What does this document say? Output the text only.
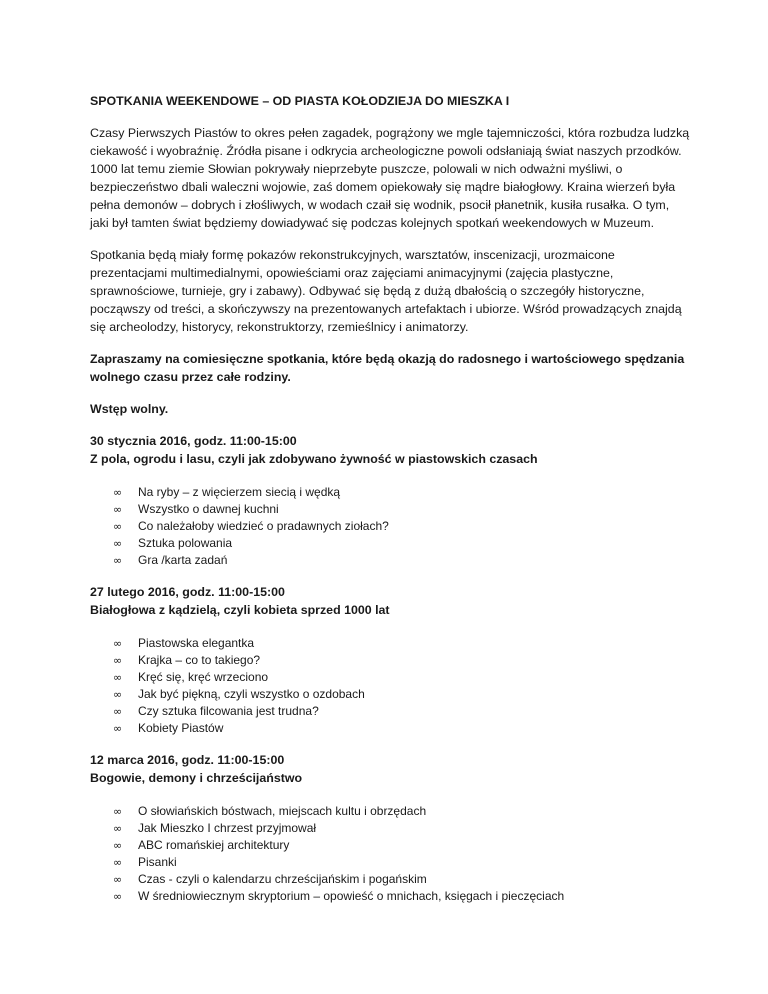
SPOTKANIA WEEKENDOWE – OD PIASTA KOŁODZIEJA DO MIESZKA I

Czasy Pierwszych Piastów to okres pełen zagadek, pogrążony we mgle tajemniczości, która rozbudza ludzką ciekawość i wyobraźnię. Źródła pisane i odkrycia archeologiczne powoli odsłaniają świat naszych przodków. 1000 lat temu ziemie Słowian pokrywały nieprzebyte puszcze, polowali w nich odważni myśliwi, o bezpieczeństwo dbali waleczni wojowie, zaś domem opiekowały się mądre białogłowy. Kraina wierzeń była pełna demonów – dobrych i złośliwych, w wodach czaił się wodnik, psocił płanetnik, kusiła rusałka. O tym, jaki był tamten świat będziemy dowiadywać się podczas kolejnych spotkań weekendowych w Muzeum.

Spotkania będą miały formę pokazów rekonstrukcyjnych, warsztatów, inscenizacji, urozmaicone prezentacjami multimedialnymi, opowieściami oraz zajęciami animacyjnymi (zajęcia plastyczne, sprawnościowe, turnieje, gry i zabawy). Odbywać się będą z dużą dbałością o szczegóły historyczne, począwszy od treści, a skończywszy na prezentowanych artefaktach i ubiorze. Wśród prowadzących znajdą się archeolodzy, historycy, rekonstruktorzy, rzemieślnicy i animatorzy.

Zapraszamy na comiesięczne spotkania, które będą okazją do radosnego i wartościowego spędzania wolnego czasu przez całe rodziny.

Wstęp wolny.

30 stycznia 2016, godz. 11:00-15:00

Z pola, ogrodu i lasu, czyli jak zdobywano żywność w piastowskich czasach

∞ Na ryby – z więcierzem siecią i wędką
∞ Wszystko o dawnej kuchni
∞ Co należałoby wiedzieć o pradawnych ziołach?
∞ Sztuka polowania
∞ Gra /karta zadań

27 lutego 2016, godz. 11:00-15:00

Białogłowa z kądzielą, czyli kobieta sprzed 1000 lat

∞ Piastowska elegantka
∞ Krajka – co to takiego?
∞ Kręć się, kręć wrzeciono
∞ Jak być piękną, czyli wszystko o ozdobach
∞ Czy sztuka filcowania jest trudna?
∞ Kobiety Piastów

12 marca 2016, godz. 11:00-15:00

Bogowie, demony i chrześcijaństwo

∞ O słowiańskich bóstwach, miejscach kultu i obrzędach
∞ Jak Mieszko I chrzest przyjmował
∞ ABC romańskiej architektury
∞ Pisanki
∞ Czas - czyli o kalendarzu chrześcijańskim i pogańskim
∞ W średniowiecznym skryptorium – opowieść o mnichach, księgach i pieczęciach
